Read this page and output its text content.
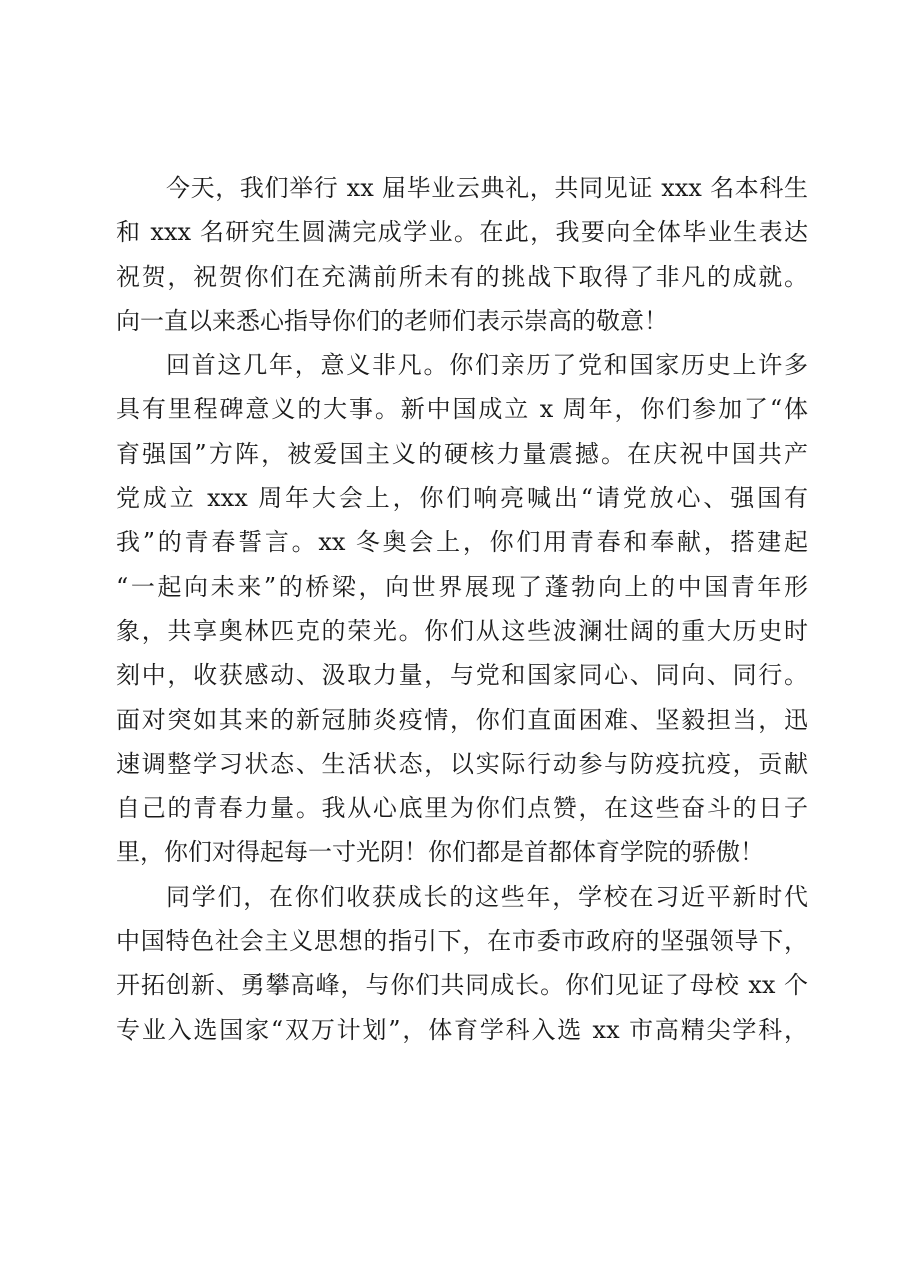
今天，我们举行 xx 届毕业云典礼，共同见证 xxx 名本科生
和 xxx 名研究生圆满完成学业。在此，我要向全体毕业生表达
祝贺，祝贺你们在充满前所未有的挑战下取得了非凡的成就。
向一直以来悉心指导你们的老师们表示崇高的敬意！
回首这几年，意义非凡。你们亲历了党和国家历史上许多
具有里程碑意义的大事。新中国成立 x 周年，你们参加了“体
育强国”方阵，被爱国主义的硬核力量震撼。在庆祝中国共产
党成立 xxx 周年大会上，你们响亮喊出“请党放心、强国有
我”的青春誓言。xx 冬奥会上，你们用青春和奉献，搭建起
“一起向未来”的桥梁，向世界展现了蓬勃向上的中国青年形
象，共享奥林匹克的荣光。你们从这些波澜壮阔的重大历史时
刻中，收获感动、汲取力量，与党和国家同心、同向、同行。
面对突如其来的新冠肺炎疫情，你们直面困难、坚毅担当，迅
速调整学习状态、生活状态，以实际行动参与防疫抗疫，贡献
自己的青春力量。我从心底里为你们点赞，在这些奋斗的日子
里，你们对得起每一寸光阴！你们都是首都体育学院的骄傲！
同学们，在你们收获成长的这些年，学校在习近平新时代
中国特色社会主义思想的指引下，在市委市政府的坚强领导下，
开拓创新、勇攀高峰，与你们共同成长。你们见证了母校 xx 个
专业入选国家“双万计划”，体育学科入选 xx 市高精尖学科，
